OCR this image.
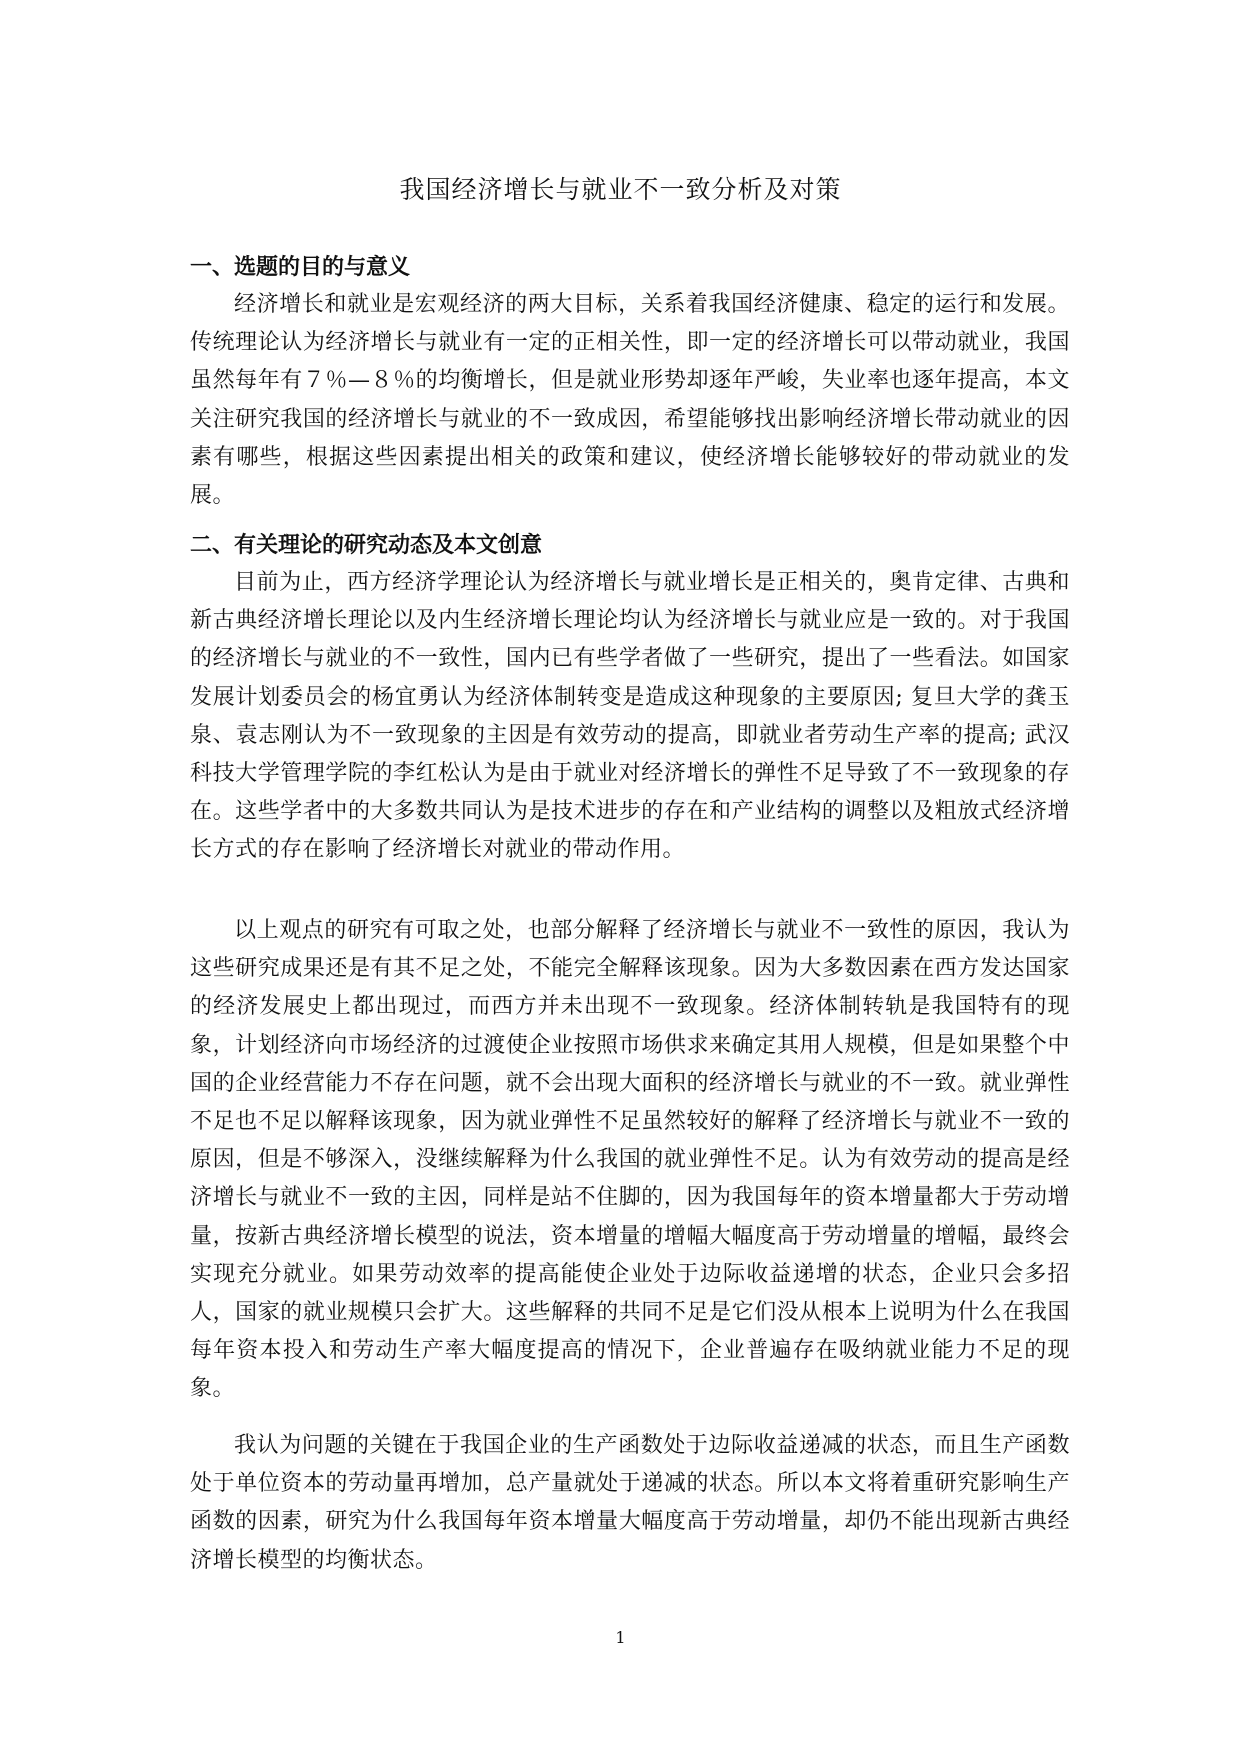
我国经济增长与就业不一致分析及对策
一、选题的目的与意义

经济增长和就业是宏观经济的两大目标，关系着我国经济健康、稳定的运行和发展。传统理论认为经济增长与就业有一定的正相关性，即一定的经济增长可以带动就业，我国虽然每年有７％—８％的均衡增长，但是就业形势却逐年严峻，失业率也逐年提高，本文关注研究我国的经济增长与就业的不一致成因，希望能够找出影响经济增长带动就业的因素有哪些，根据这些因素提出相关的政策和建议，使经济增长能够较好的带动就业的发展。

二、有关理论的研究动态及本文创意

目前为止，西方经济学理论认为经济增长与就业增长是正相关的，奥肯定律、古典和新古典经济增长理论以及内生经济增长理论均认为经济增长与就业应是一致的。对于我国的经济增长与就业的不一致性，国内已有些学者做了一些研究，提出了一些看法。如国家发展计划委员会的杨宜勇认为经济体制转变是造成这种现象的主要原因; 复旦大学的龚玉泉、袁志刚认为不一致现象的主因是有效劳动的提高，即就业者劳动生产率的提高; 武汉科技大学管理学院的李红松认为是由于就业对经济增长的弹性不足导致了不一致现象的存在。这些学者中的大多数共同认为是技术进步的存在和产业结构的调整以及粗放式经济增长方式的存在影响了经济增长对就业的带动作用。

以上观点的研究有可取之处，也部分解释了经济增长与就业不一致性的原因，我认为这些研究成果还是有其不足之处，不能完全解释该现象。因为大多数因素在西方发达国家的经济发展史上都出现过，而西方并未出现不一致现象。经济体制转轨是我国特有的现象，计划经济向市场经济的过渡使企业按照市场供求来确定其用人规模，但是如果整个中国的企业经营能力不存在问题，就不会出现大面积的经济增长与就业的不一致。就业弹性不足也不足以解释该现象，因为就业弹性不足虽然较好的解释了经济增长与就业不一致的原因，但是不够深入，没继续解释为什么我国的就业弹性不足。认为有效劳动的提高是经济增长与就业不一致的主因，同样是站不住脚的，因为我国每年的资本增量都大于劳动增量，按新古典经济增长模型的说法，资本增量的增幅大幅度高于劳动增量的增幅，最终会实现充分就业。如果劳动效率的提高能使企业处于边际收益递增的状态，企业只会多招人，国家的就业规模只会扩大。这些解释的共同不足是它们没从根本上说明为什么在我国每年资本投入和劳动生产率大幅度提高的情况下，企业普遍存在吸纳就业能力不足的现象。

我认为问题的关键在于我国企业的生产函数处于边际收益递减的状态，而且生产函数处于单位资本的劳动量再增加，总产量就处于递减的状态。所以本文将着重研究影响生产函数的因素，研究为什么我国每年资本增量大幅度高于劳动增量，却仍不能出现新古典经济增长模型的均衡状态。

1
